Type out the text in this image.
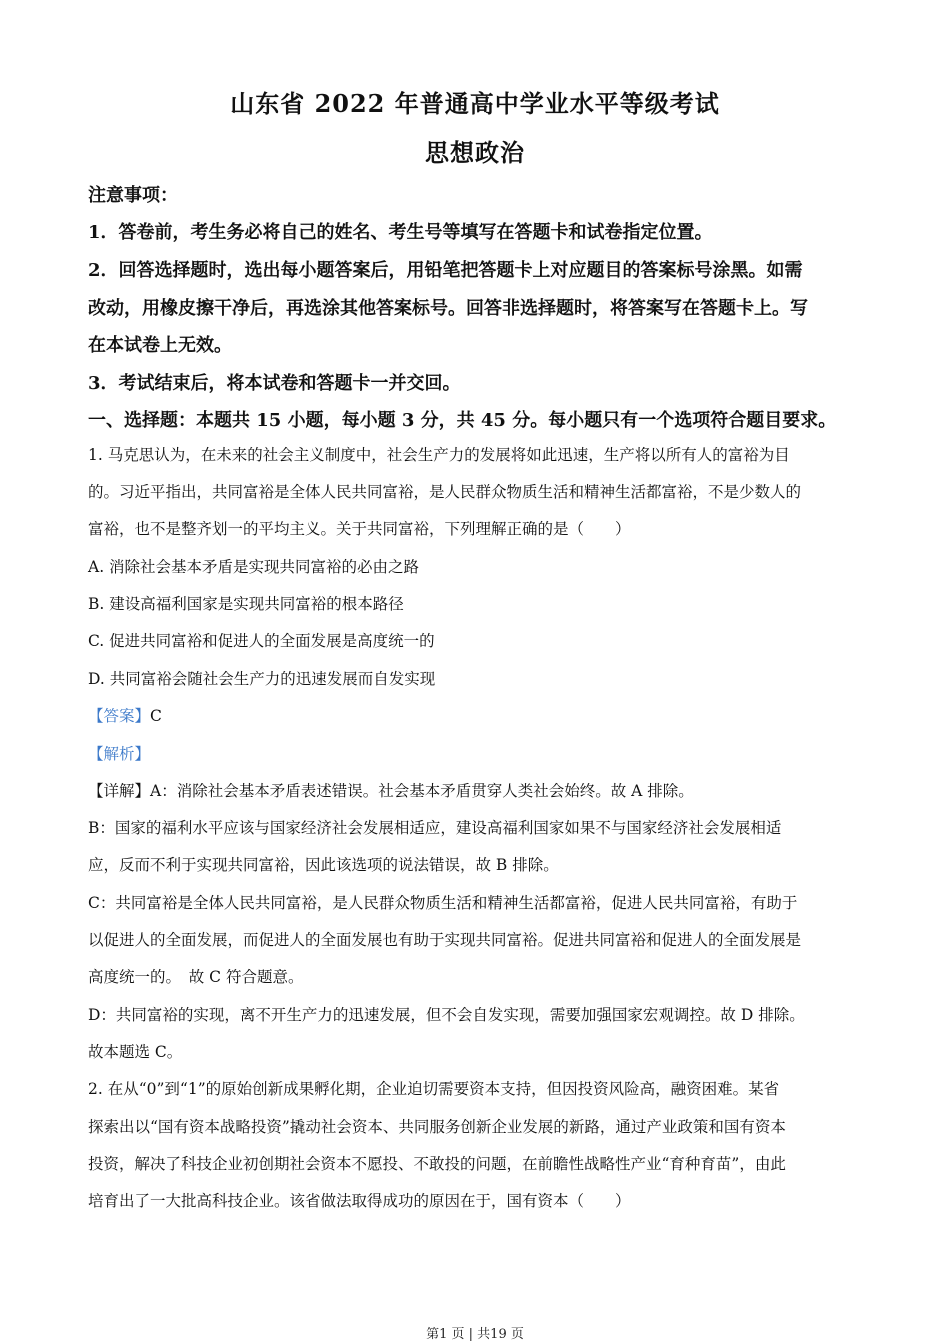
山东省 2022 年普通高中学业水平等级考试
思想政治
注意事项：
1．答卷前，考生务必将自己的姓名、考生号等填写在答题卡和试卷指定位置。
2．回答选择题时，选出每小题答案后，用铅笔把答题卡上对应题目的答案标号涂黑。如需
改动，用橡皮擦干净后，再选涂其他答案标号。回答非选择题时，将答案写在答题卡上。写
在本试卷上无效。
3．考试结束后，将本试卷和答题卡一并交回。
一、选择题：本题共 15 小题，每小题 3 分，共 45 分。每小题只有一个选项符合题目要求。
1. 马克思认为，在未来的社会主义制度中，社会生产力的发展将如此迅速，生产将以所有人的富裕为目
的。习近平指出，共同富裕是全体人民共同富裕，是人民群众物质生活和精神生活都富裕，不是少数人的
富裕，也不是整齐划一的平均主义。关于共同富裕，下列理解正确的是（　　）
A. 消除社会基本矛盾是实现共同富裕的必由之路
B. 建设高福利国家是实现共同富裕的根本路径
C. 促进共同富裕和促进人的全面发展是高度统一的
D. 共同富裕会随社会生产力的迅速发展而自发实现
【答案】C
【解析】
【详解】A：消除社会基本矛盾表述错误。社会基本矛盾贯穿人类社会始终。故 A 排除。
B：国家的福利水平应该与国家经济社会发展相适应，建设高福利国家如果不与国家经济社会发展相适
应，反而不利于实现共同富裕，因此该选项的说法错误，故 B 排除。
C：共同富裕是全体人民共同富裕，是人民群众物质生活和精神生活都富裕，促进人民共同富裕，有助于
以促进人的全面发展，而促进人的全面发展也有助于实现共同富裕。促进共同富裕和促进人的全面发展是
高度统一的。　故 C 符合题意。
D：共同富裕的实现，离不开生产力的迅速发展，但不会自发实现，需要加强国家宏观调控。故 D 排除。
故本题选 C。
2. 在从“0”到“1”的原始创新成果孵化期，企业迫切需要资本支持，但因投资风险高，融资困难。某省
探索出以“国有资本战略投资”撬动社会资本、共同服务创新企业发展的新路，通过产业政策和国有资本
投资，解决了科技企业初创期社会资本不愿投、不敢投的问题，在前瞻性战略性产业“育种育苗”，由此
培育出了一大批高科技企业。该省做法取得成功的原因在于，国有资本（　　）
第1 页 | 共19 页
